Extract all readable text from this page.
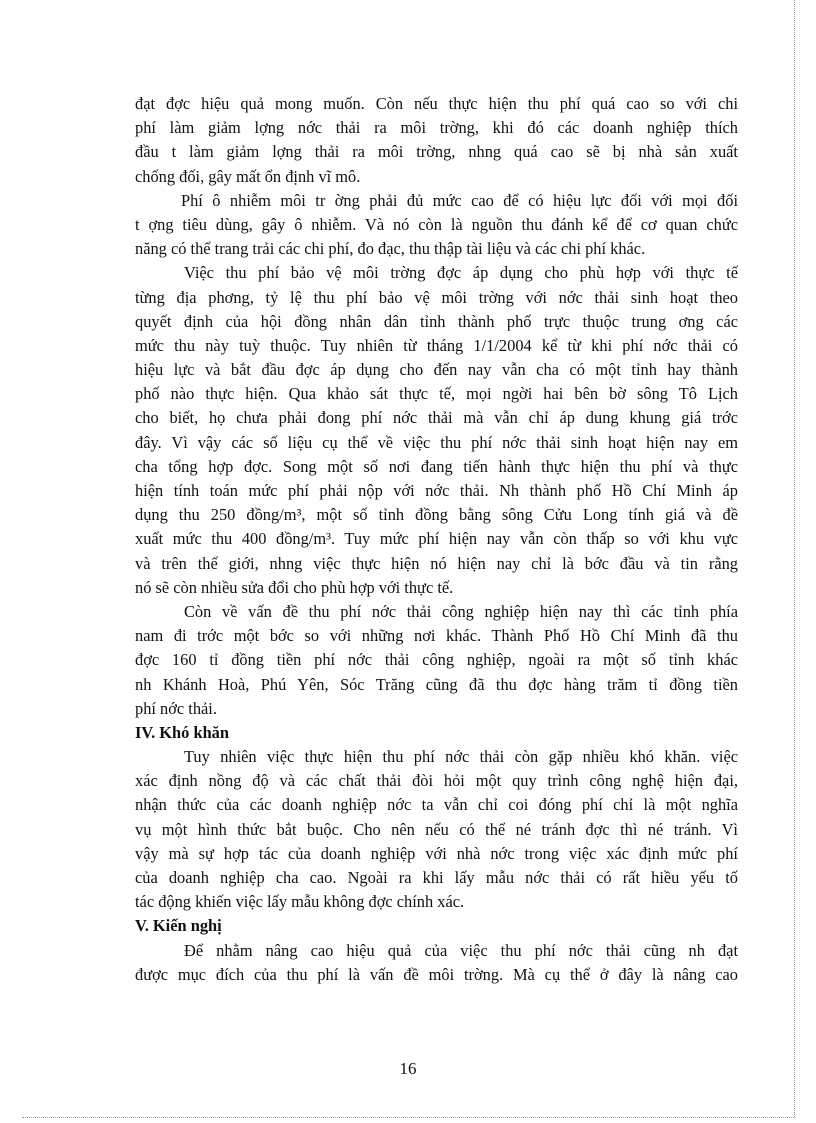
đạt đợc hiệu quả mong muốn. Còn nếu thực hiện thu phí quá cao so với chi
phí làm giảm lợng nớc thải ra môi trờng, khi đó các doanh nghiệp thích
đầu t làm giảm lợng thải ra môi trờng, nhng quá cao sẽ bị nhà sản xuất
chống đối, gây mất ổn định vĩ mô.
Phí ô nhiễm môi tr ờng phải đủ mức cao để có hiệu lực đối với mọi đối
t ợng tiêu dùng, gây ô nhiễm. Và nó còn là nguồn thu đánh kể để cơ quan chức
năng có thể trang trải các chi phí, đo đạc, thu thập tài liệu và các chi phí khác.
Việc thu phí bảo vệ môi trờng đợc áp dụng cho phù hợp với thực tế
từng địa phơng, tỷ lệ thu phí bảo vệ môi trờng với nớc thải sinh hoạt theo
quyết định của hội đồng nhân dân tỉnh thành phố trực thuộc trung ơng các
mức thu này tuỳ thuộc. Tuy nhiên từ tháng 1/1/2004 kể từ khi phí nớc thải có
hiệu lực và bắt đầu đợc áp dụng cho đến nay vẫn cha có một tỉnh hay thành
phố nào thực hiện. Qua khảo sát thực tế, mọi ngời hai bên bờ sông Tô Lịch
cho biết, họ chưa phải đong phí nớc thải mà vẫn chỉ áp dung khung giá trớc
đây. Vì vậy các số liệu cụ thể về việc thu phí nớc thải sinh hoạt hiện nay em
cha tổng hợp đợc. Song một số nơi đang tiến hành thực hiện thu phí và thực
hiện tính toán mức phí phải nộp với nớc thải. Nh thành phố Hồ Chí Minh áp
dụng thu 250 đồng/m³, một số tỉnh đồng bằng sông Cửu Long tính giá và đề
xuất mức thu 400 đồng/m³. Tuy mức phí hiện nay vẫn còn thấp so với khu vực
và trên thế giới, nhng việc thực hiện nó hiện nay chỉ là bớc đầu và tin rằng
nó sẽ còn nhiều sửa đổi cho phù hợp với thực tế.
Còn về vấn đề thu phí nớc thải công nghiệp hiện nay thì các tỉnh phía
nam đi trớc một bớc so với những nơi khác. Thành Phố Hồ Chí Minh đã thu
đợc 160 tỉ đồng tiền phí nớc thải công nghiệp, ngoài ra một số tỉnh khác
nh Khánh Hoà, Phú Yên, Sóc Trăng cũng đã thu đợc hàng trăm tỉ đồng tiền
phí nớc thải.
IV. Khó khăn
Tuy nhiên việc thực hiện thu phí nớc thải còn gặp nhiều khó khăn. việc
xác định nồng độ và các chất thải đòi hỏi một quy trình công nghệ hiện đại,
nhận thức của các doanh nghiệp nớc ta vẫn chỉ coi đóng phí chỉ là một nghĩa
vụ một hình thức bắt buộc. Cho nên nếu có thể né tránh đợc thì né tránh. Vì
vậy mà sự hợp tác của doanh nghiệp với nhà nớc trong việc xác định mức phí
của doanh nghiệp cha cao. Ngoài ra khi lấy mẫu nớc thải có rất hiều yếu tố
tác động khiến việc lấy mẫu không đợc chính xác.
V. Kiến nghị
Để nhằm nâng cao hiệu quả của việc thu phí nớc thải cũng nh đạt
được mục đích của thu phí là vấn đề môi trờng. Mà cụ thể ở đây là nâng cao
16
